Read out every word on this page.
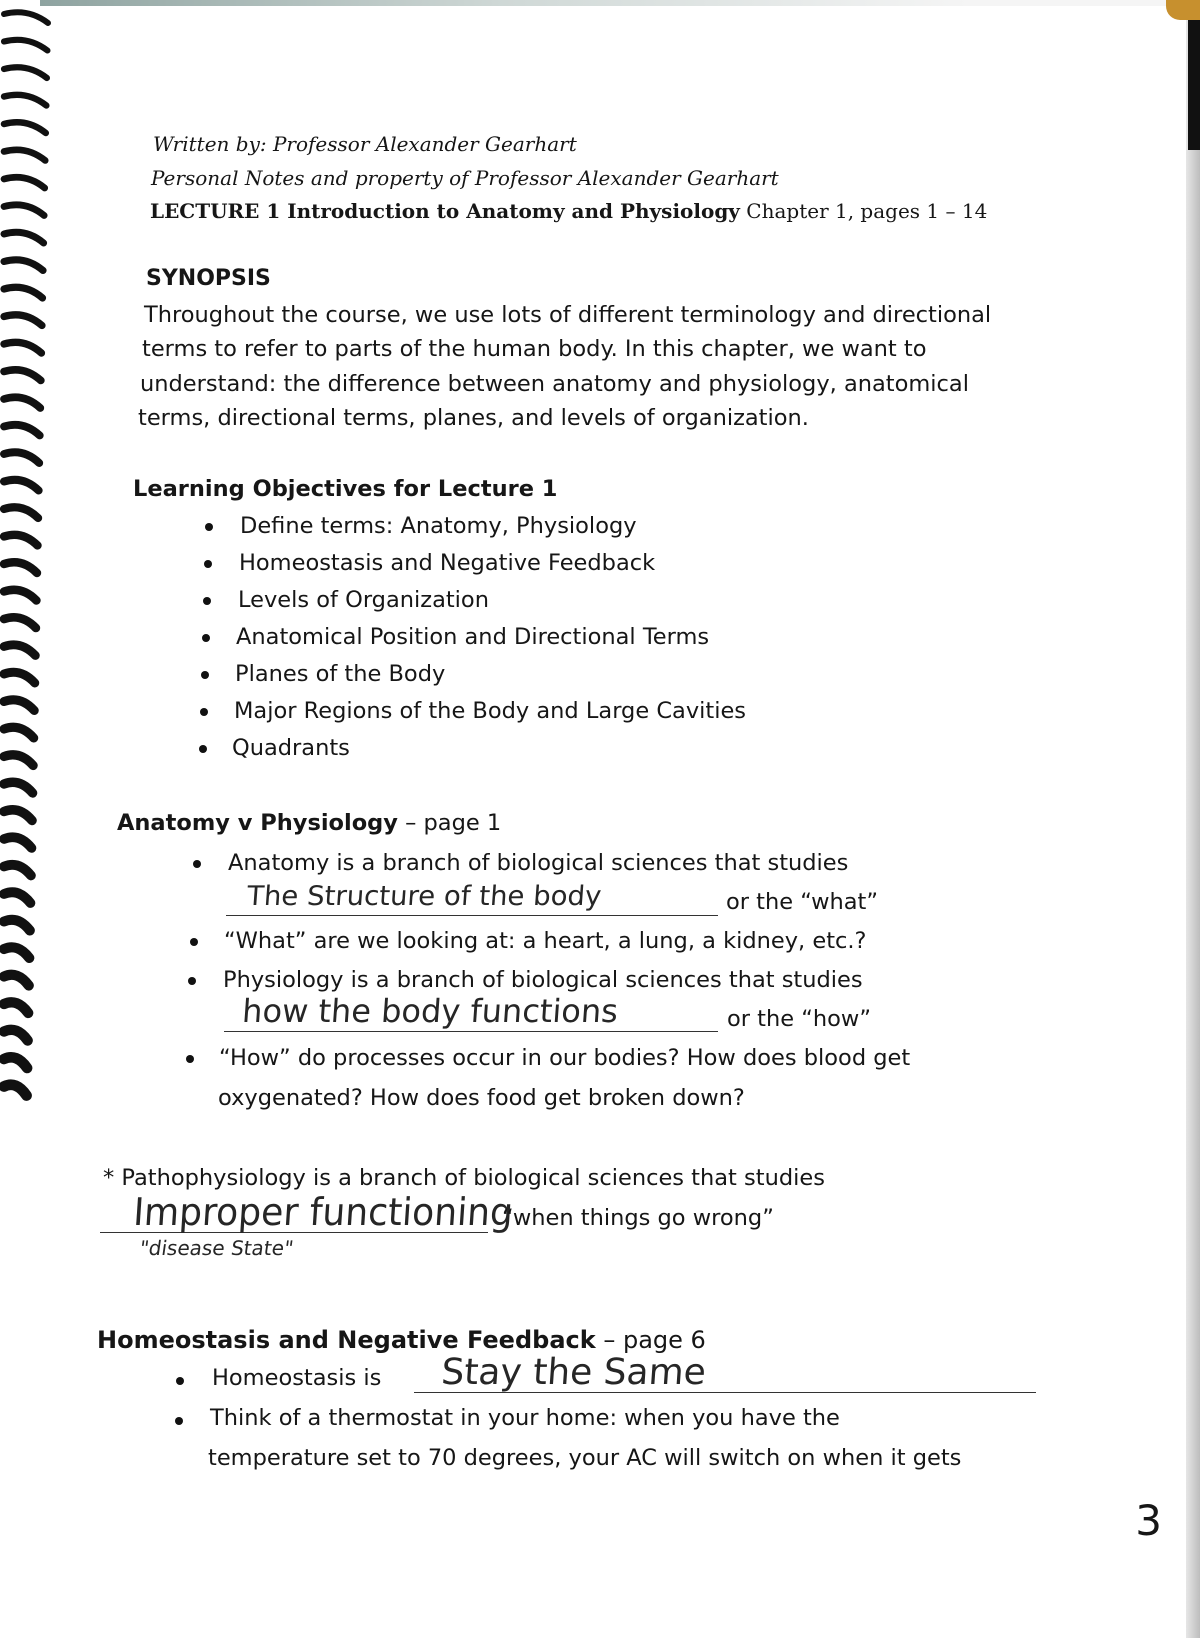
Written by: Professor Alexander Gearhart
Personal Notes and property of Professor Alexander Gearhart
LECTURE 1 Introduction to Anatomy and Physiology Chapter 1, pages 1 – 14
SYNOPSIS
Throughout the course, we use lots of different terminology and directional
terms to refer to parts of the human body. In this chapter, we want to
understand: the difference between anatomy and physiology, anatomical
terms, directional terms, planes, and levels of organization.
Learning Objectives for Lecture 1
Define terms: Anatomy, Physiology
Homeostasis and Negative Feedback
Levels of Organization
Anatomical Position and Directional Terms
Planes of the Body
Major Regions of the Body and Large Cavities
Quadrants
Anatomy v Physiology – page 1
Anatomy is a branch of biological sciences that studies
The Structure of the body	or the “what”
“What” are we looking at: a heart, a lung, a kidney, etc.?
Physiology is a branch of biological sciences that studies
how the body functions	or the “how”
“How” do processes occur in our bodies? How does blood get
oxygenated? How does food get broken down?
* Pathophysiology is a branch of biological sciences that studies
Improper functioning
"disease State"
“when things go wrong”
Homeostasis and Negative Feedback – page 6
Homeostasis is Stay the Same
Think of a thermostat in your home: when you have the
temperature set to 70 degrees, your AC will switch on when it gets
3
